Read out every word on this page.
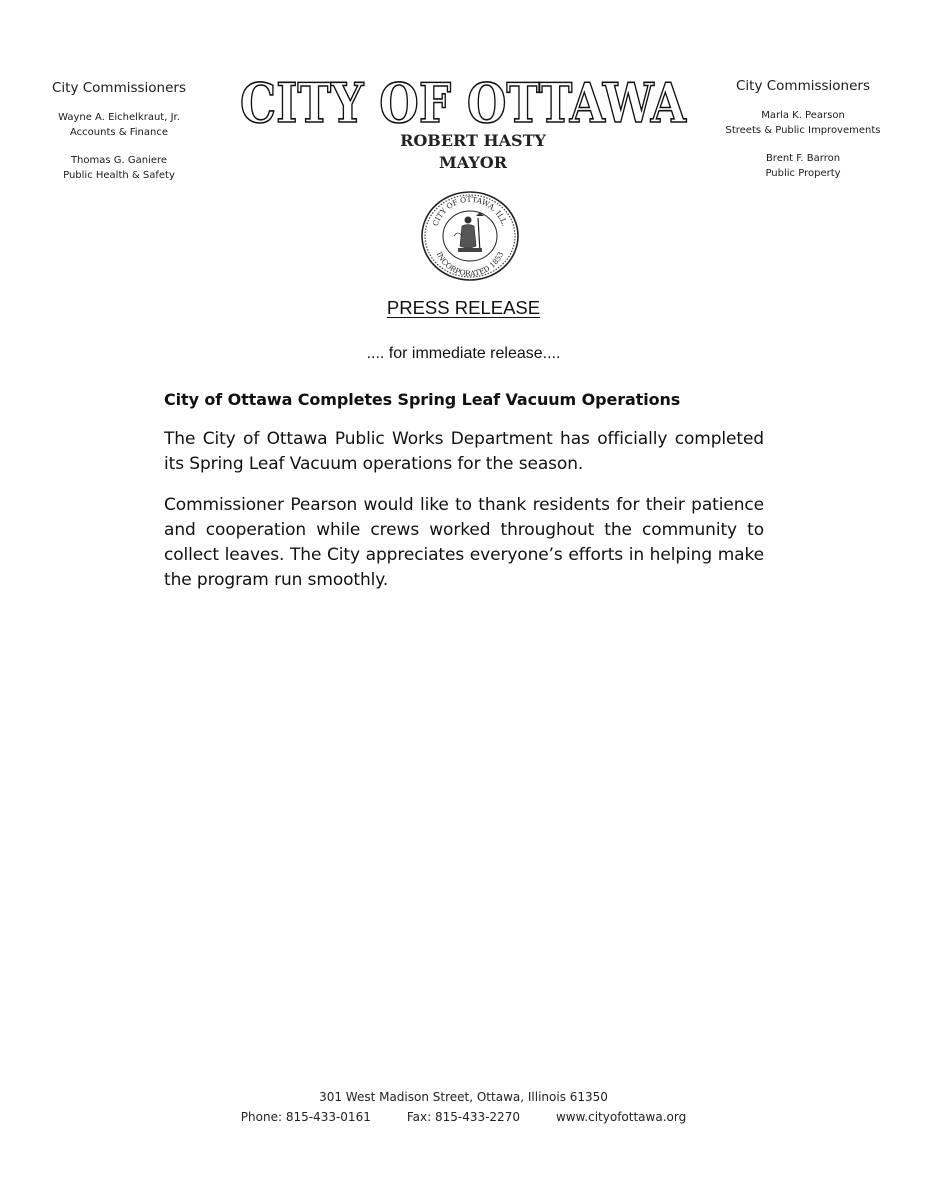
City Commissioners
Wayne A. Eichelkraut, Jr.
Accounts & Finance
Thomas G. Ganiere
Public Health & Safety
City Commissioners
Marla K. Pearson
Streets & Public Improvements
Brent F. Barron
Public Property
CITY OF OTTAWA
ROBERT HASTY
MAYOR
CITY OF OTTAWA, ILL.
INCORPORATED 1853
PRESS RELEASE
.... for immediate release....
City of Ottawa Completes Spring Leaf Vacuum Operations

The City of Ottawa Public Works Department has officially completed its Spring Leaf Vacuum operations for the season.

Commissioner Pearson would like to thank residents for their patience and cooperation while crews worked throughout the community to collect leaves. The City appreciates everyone’s efforts in helping make the program run smoothly.

301 West Madison Street, Ottawa, Illinois 61350
Phone: 815-433-0161	Fax: 815-433-2270	www.cityofottawa.org
